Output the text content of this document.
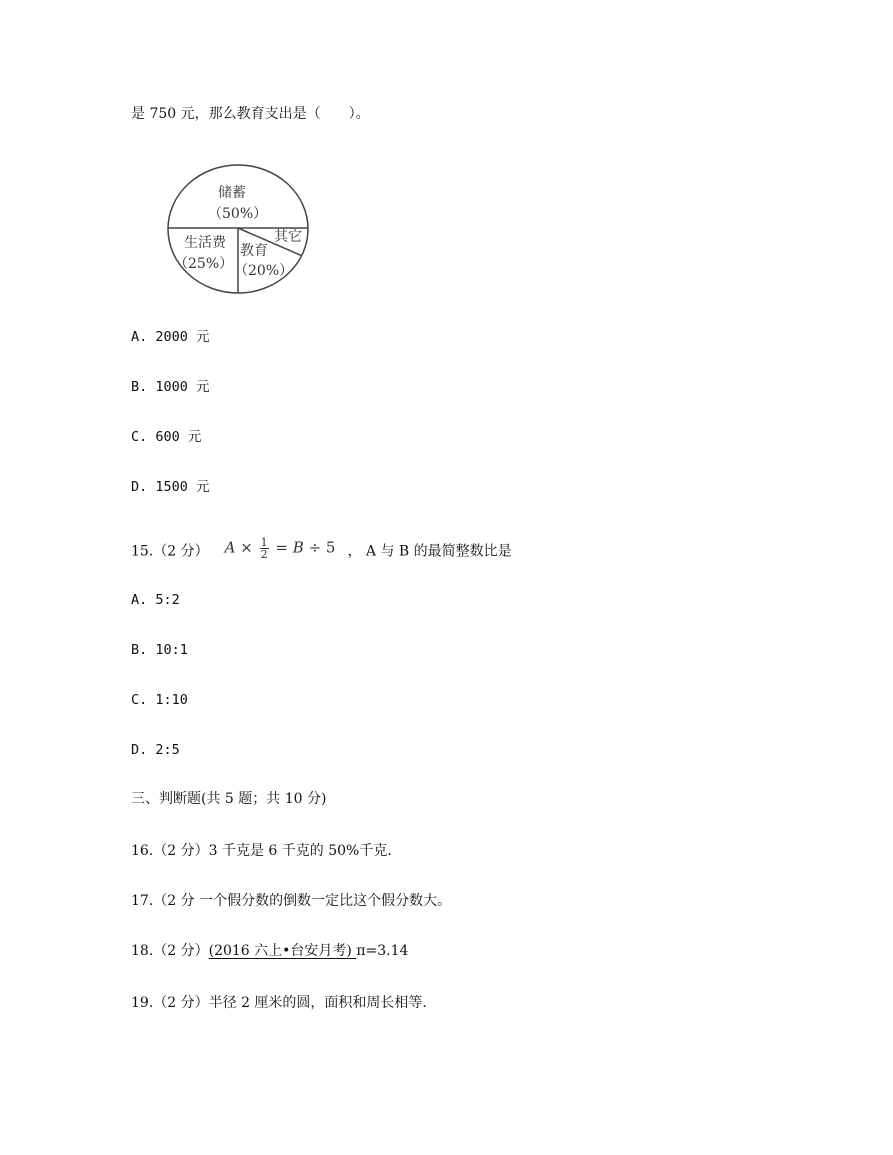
是 750 元，那么教育支出是（　　）。
储蓄
（50%）
生活费
（25%）
教育
（20%）
其它
A. 2000 元
B. 1000 元
C. 600 元
D. 1500 元
15.（2 分） $A \times \frac{1}{2} = B \div 5$ ， A 与 B 的最简整数比是
A. 5:2
B. 10:1
C. 1:10
D. 2:5
三、判断题(共 5 题；共 10 分)
16.（2 分）3 千克是 6 千克的 50%千克.
17.（2 分 一个假分数的倒数一定比这个假分数大。
18.（2 分）(2016 六上•台安月考) π=3.14
19.（2 分）半径 2 厘米的圆，面积和周长相等.
